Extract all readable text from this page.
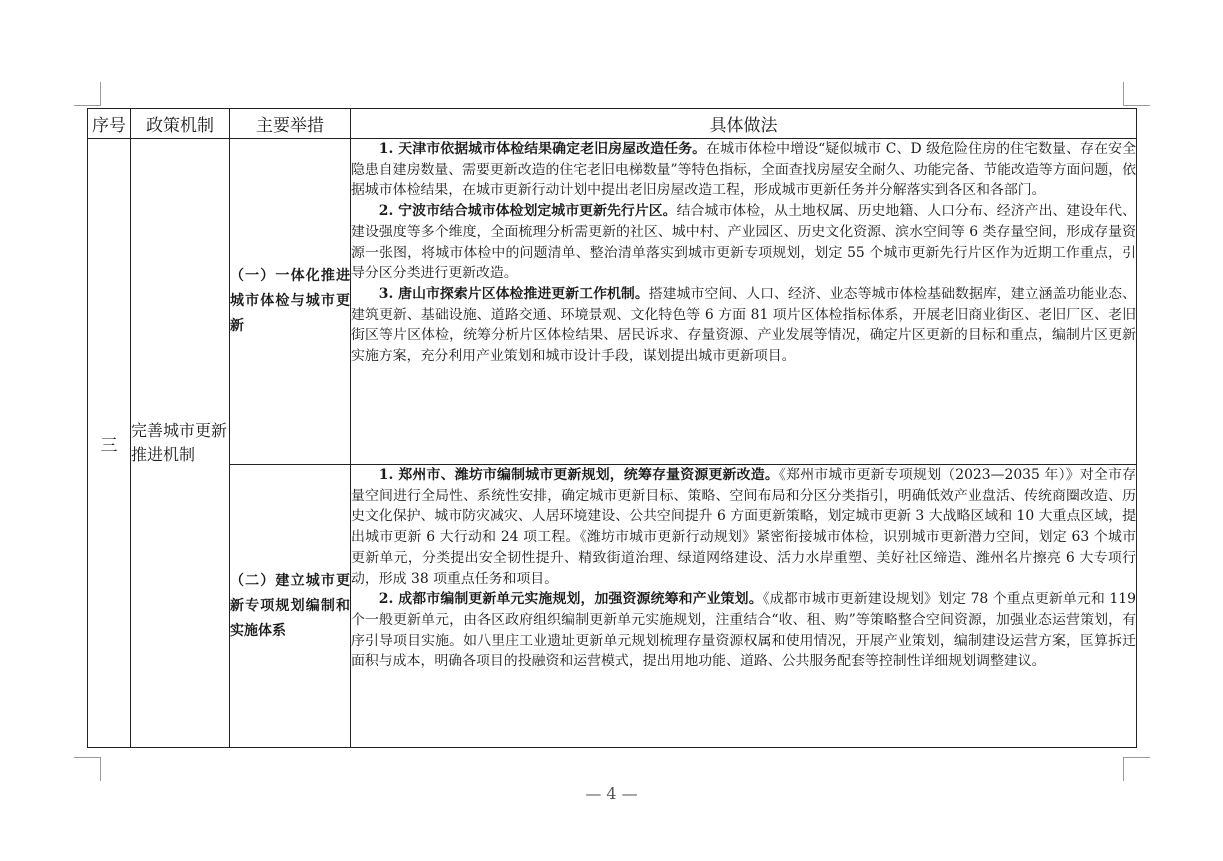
序号	政策机制	主要举措	具体做法
三	完善城市更新推进机制	（一）一体化推进城市体检与城市更新	1. 天津市依据城市体检结果确定老旧房屋改造任务。在城市体检中增设“疑似城市 C、D 级危险住房的住宅数量、存在安全隐患自建房数量、需要更新改造的住宅老旧电梯数量”等特色指标，全面查找房屋安全耐久、功能完备、节能改造等方面问题，依据城市体检结果，在城市更新行动计划中提出老旧房屋改造工程，形成城市更新任务并分解落实到各区和各部门。

2. 宁波市结合城市体检划定城市更新先行片区。结合城市体检，从土地权属、历史地籍、人口分布、经济产出、建设年代、建设强度等多个维度，全面梳理分析需更新的社区、城中村、产业园区、历史文化资源、滨水空间等 6 类存量空间，形成存量资源一张图，将城市体检中的问题清单、整治清单落实到城市更新专项规划，划定 55 个城市更新先行片区作为近期工作重点，引导分区分类进行更新改造。

3. 唐山市探索片区体检推进更新工作机制。搭建城市空间、人口、经济、业态等城市体检基础数据库，建立涵盖功能业态、建筑更新、基础设施、道路交通、环境景观、文化特色等 6 方面 81 项片区体检指标体系，开展老旧商业街区、老旧厂区、老旧街区等片区体检，统筹分析片区体检结果、居民诉求、存量资源、产业发展等情况，确定片区更新的目标和重点，编制片区更新实施方案，充分利用产业策划和城市设计手段，谋划提出城市更新项目。

		（二）建立城市更新专项规划编制和实施体系	1. 郑州市、潍坊市编制城市更新规划，统筹存量资源更新改造。《郑州市城市更新专项规划（2023—2035 年）》对全市存量空间进行全局性、系统性安排，确定城市更新目标、策略、空间布局和分区分类指引，明确低效产业盘活、传统商圈改造、历史文化保护、城市防灾减灾、人居环境建设、公共空间提升 6 方面更新策略，划定城市更新 3 大战略区域和 10 大重点区域，提出城市更新 6 大行动和 24 项工程。《潍坊市城市更新行动规划》紧密衔接城市体检，识别城市更新潜力空间，划定 63 个城市更新单元，分类提出安全韧性提升、精致街道治理、绿道网络建设、活力水岸重塑、美好社区缔造、潍州名片擦亮 6 大专项行动，形成 38 项重点任务和项目。

2. 成都市编制更新单元实施规划，加强资源统筹和产业策划。《成都市城市更新建设规划》划定 78 个重点更新单元和 119 个一般更新单元，由各区政府组织编制更新单元实施规划，注重结合“收、租、购”等策略整合空间资源，加强业态运营策划，有序引导项目实施。如八里庄工业遗址更新单元规划梳理存量资源权属和使用情况，开展产业策划，编制建设运营方案，匡算拆迁面积与成本，明确各项目的投融资和运营模式，提出用地功能、道路、公共服务配套等控制性详细规划调整建议。

— 4 —
